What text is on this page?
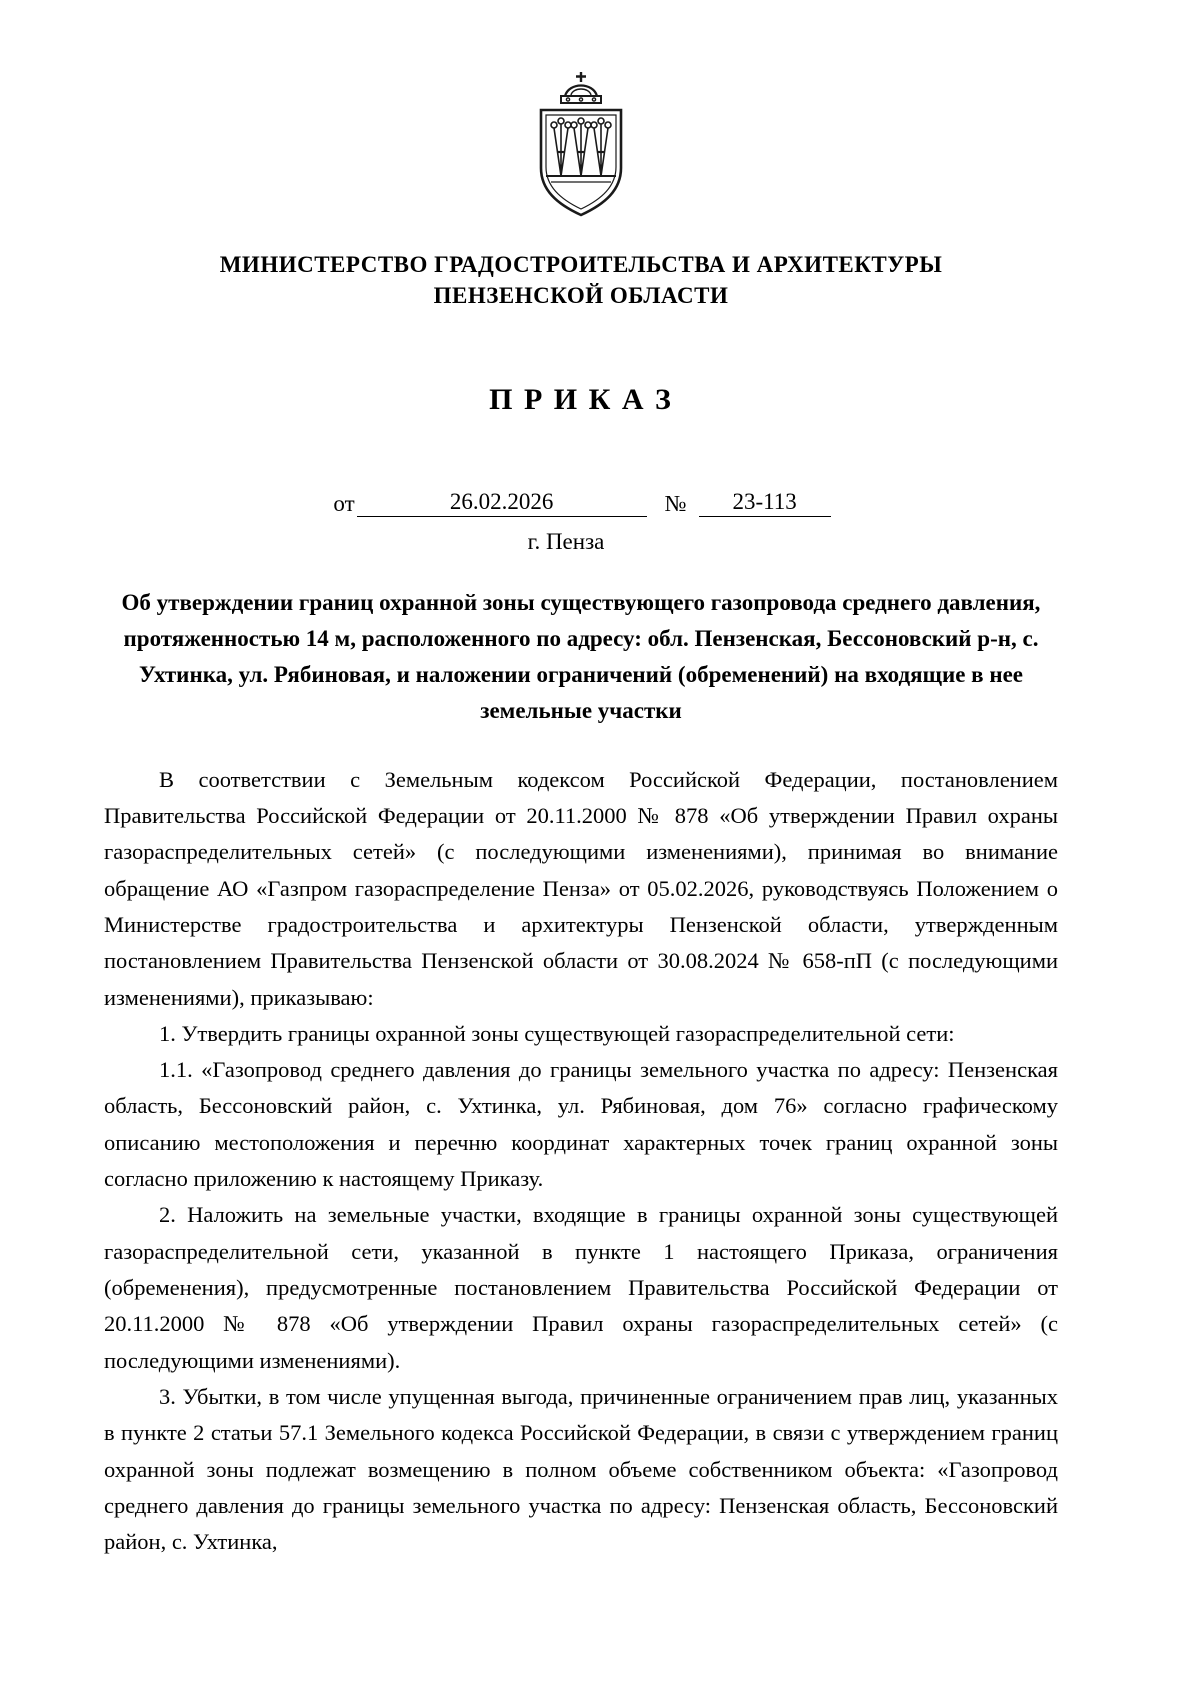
МИНИСТЕРСТВО ГРАДОСТРОИТЕЛЬСТВА И АРХИТЕКТУРЫ
ПЕНЗЕНСКОЙ ОБЛАСТИ
П Р И К А З
от	26.02.2026	№	23-113
г. Пенза
Об утверждении границ охранной зоны существующего газопровода среднего давления, протяженностью 14 м, расположенного по адресу: обл. Пензенская, Бессоновский р-н, с. Ухтинка, ул. Рябиновая, и наложении ограничений (обременений) на входящие в нее земельные участки

В соответствии с Земельным кодексом Российской Федерации, постановлением Правительства Российской Федерации от 20.11.2000 № 878 «Об утверждении Правил охраны газораспределительных сетей» (с последующими изменениями), принимая во внимание обращение АО «Газпром газораспределение Пенза» от 05.02.2026, руководствуясь Положением о Министерстве градостроительства и архитектуры Пензенской области, утвержденным постановлением Правительства Пензенской области от 30.08.2024 № 658-пП (с последующими изменениями), приказываю:

1. Утвердить границы охранной зоны существующей газораспределительной сети:

1.1. «Газопровод среднего давления до границы земельного участка по адресу: Пензенская область, Бессоновский район, с. Ухтинка, ул. Рябиновая, дом 76» согласно графическому описанию местоположения и перечню координат характерных точек границ охранной зоны согласно приложению к настоящему Приказу.

2. Наложить на земельные участки, входящие в границы охранной зоны существующей газораспределительной сети, указанной в пункте 1 настоящего Приказа, ограничения (обременения), предусмотренные постановлением Правительства Российской Федерации от 20.11.2000 № 878 «Об утверждении Правил охраны газораспределительных сетей» (с последующими изменениями).

3. Убытки, в том числе упущенная выгода, причиненные ограничением прав лиц, указанных в пункте 2 статьи 57.1 Земельного кодекса Российской Федерации, в связи с утверждением границ охранной зоны подлежат возмещению в полном объеме собственником объекта: «Газопровод среднего давления до границы земельного участка по адресу: Пензенская область, Бессоновский район, с. Ухтинка,
